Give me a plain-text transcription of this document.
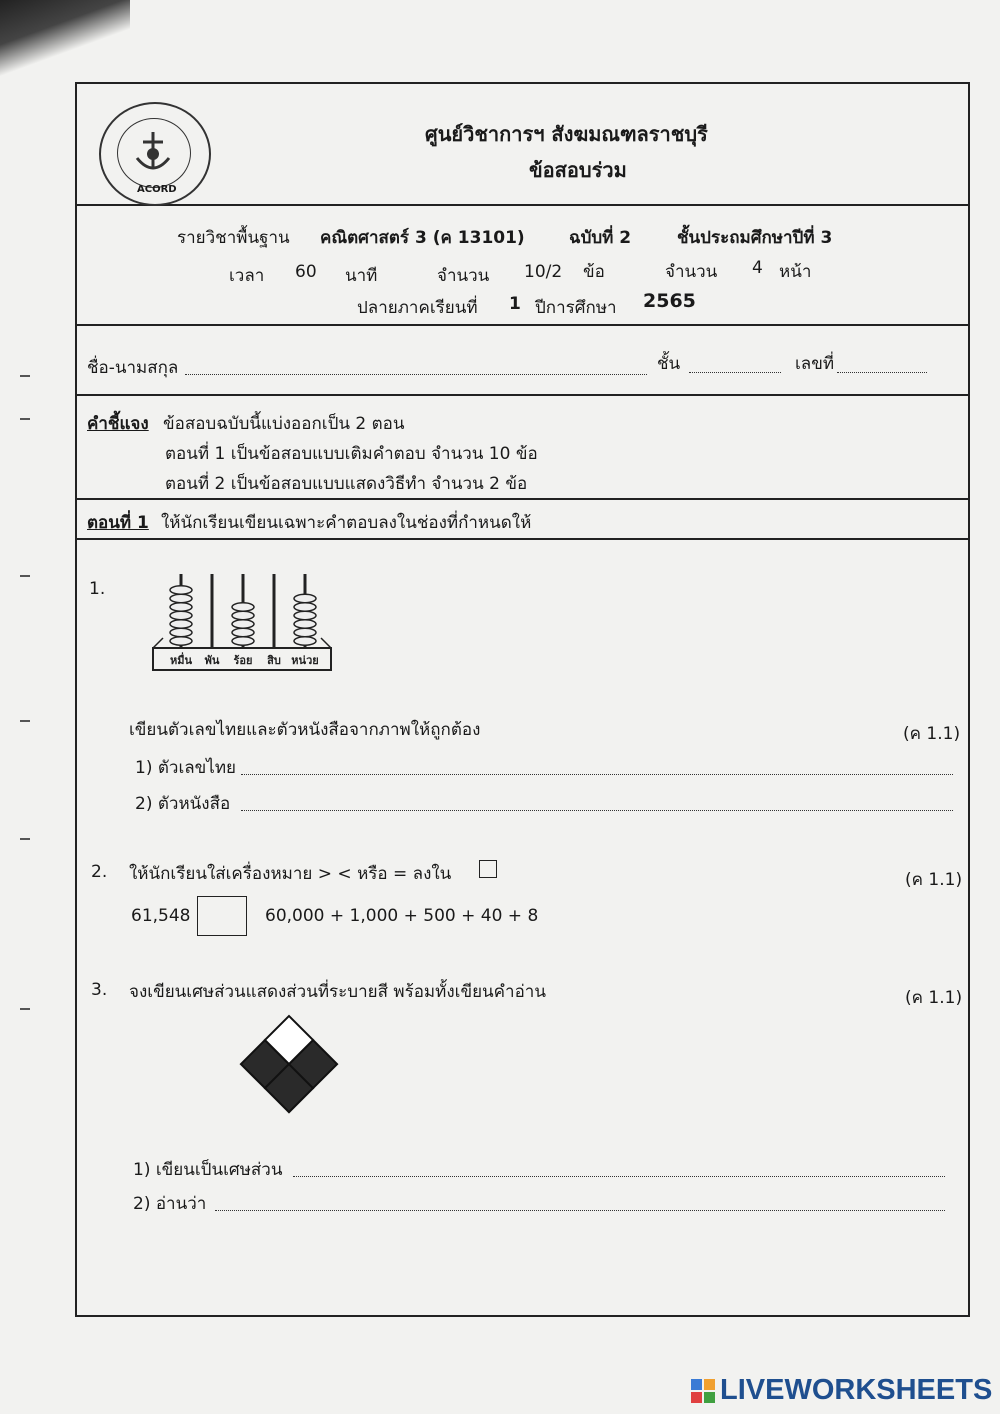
ACORD
ศูนย์วิชาการฯ สังฆมณฑลราชบุรี
ข้อสอบร่วม
รายวิชาพื้นฐาน คณิตศาสตร์ 3 (ค 13101)	ฉบับที่ 2	ชั้นประถมศึกษาปีที่ 3
เวลา 60 นาที	จำนวน 10/2 ข้อ	จำนวน 4 หน้า
ปลายภาคเรียนที่ 1 ปีการศึกษา 2565
ชื่อ-นามสกุล	ชั้น	เลขที่
คำชี้แจง ข้อสอบฉบับนี้แบ่งออกเป็น 2 ตอน
ตอนที่ 1 เป็นข้อสอบแบบเติมคำตอบ จำนวน 10 ข้อ
ตอนที่ 2 เป็นข้อสอบแบบแสดงวิธีทำ จำนวน 2 ข้อ
ตอนที่ 1 ให้นักเรียนเขียนเฉพาะคำตอบลงในช่องที่กำหนดให้
1.
หมื่น พัน ร้อย สิบ หน่วย
เขียนตัวเลขไทยและตัวหนังสือจากภาพให้ถูกต้อง	(ค 1.1)
1) ตัวเลขไทย
2) ตัวหนังสือ
2. ให้นักเรียนใส่เครื่องหมาย > < หรือ = ลงใน	(ค 1.1)
61,548	60,000 + 1,000 + 500 + 40 + 8
3. จงเขียนเศษส่วนแสดงส่วนที่ระบายสี พร้อมทั้งเขียนคำอ่าน	(ค 1.1)
1) เขียนเป็นเศษส่วน
2) อ่านว่า
LIVEWORKSHEETS
